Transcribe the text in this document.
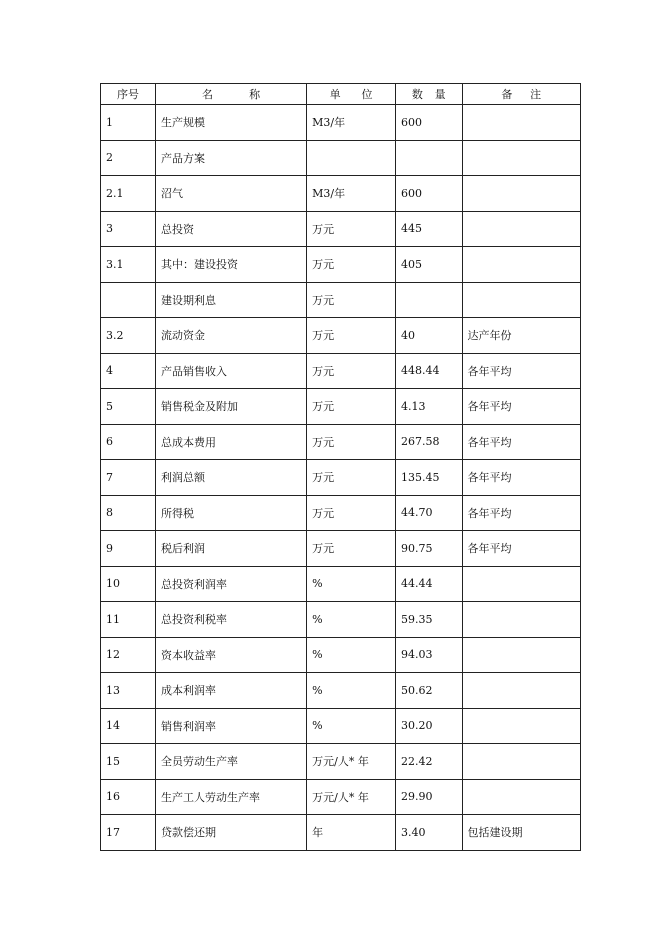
序号	名 称	单 位	数 量	备 注

1	生产规模	M3/年	600	
2	产品方案			
2.1	沼气	M3/年	600	
3	总投资	万元	445	
3.1	其中：建设投资	万元	405	
	建设期利息	万元		
3.2	流动资金	万元	40	达产年份
4	产品销售收入	万元	448.44	各年平均
5	销售税金及附加	万元	4.13	各年平均
6	总成本费用	万元	267.58	各年平均
7	利润总额	万元	135.45	各年平均
8	所得税	万元	44.70	各年平均
9	税后利润	万元	90.75	各年平均
10	总投资利润率	%	44.44	
11	总投资利税率	%	59.35	
12	资本收益率	%	94.03	
13	成本利润率	%	50.62	
14	销售利润率	%	30.20	
15	全员劳动生产率	万元/人* 年	22.42	
16	生产工人劳动生产率	万元/人* 年	29.90	
17	贷款偿还期	年	3.40	包括建设期
